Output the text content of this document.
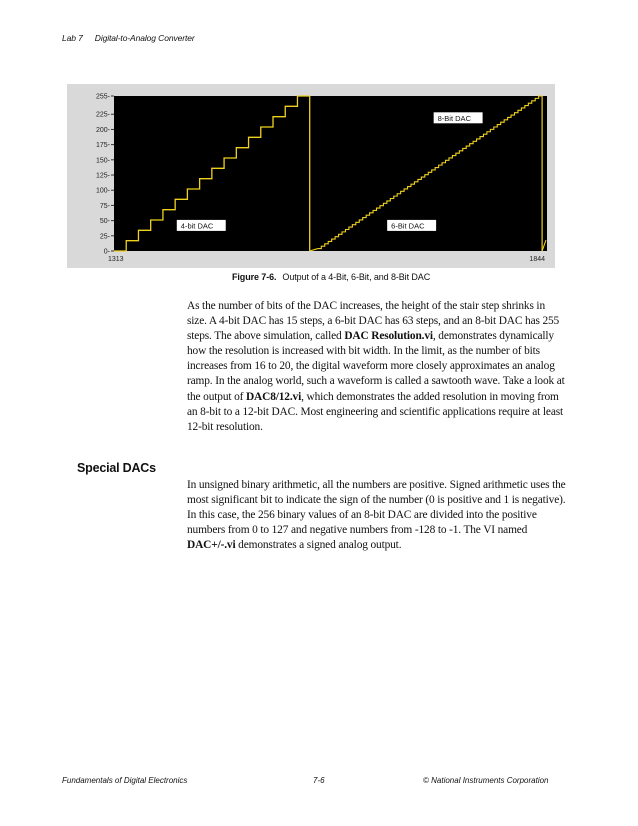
Lab 7 Digital-to-Analog Converter
0-
25-
50-
75-
100-
125-
150-
175-
200-
225-
255-
1313	1844
4-bit DAC	6-Bit DAC
8-Bit DAC
Figure 7-6. Output of a 4-Bit, 6-Bit, and 8-Bit DAC
As the number of bits of the DAC increases, the height of the stair step shrinks in size. A 4-bit DAC has 15 steps, a 6-bit DAC has 63 steps, and an 8-bit DAC has 255 steps. The above simulation, called DAC Resolution.vi, demonstrates dynamically how the resolution is increased with bit width. In the limit, as the number of bits increases from 16 to 20, the digital waveform more closely approximates an analog ramp. In the analog world, such a waveform is called a sawtooth wave. Take a look at the output of DAC8/12.vi, which demonstrates the added resolution in moving from an 8-bit to a 12-bit DAC. Most engineering and scientific applications require at least 12-bit resolution.
Special DACs
In unsigned binary arithmetic, all the numbers are positive. Signed arithmetic uses the most significant bit to indicate the sign of the number (0 is positive and 1 is negative). In this case, the 256 binary values of an 8-bit DAC are divided into the positive numbers from 0 to 127 and negative numbers from -128 to -1. The VI named DAC+/-.vi demonstrates a signed analog output.
Fundamentals of Digital Electronics	7-6	© National Instruments Corporation
